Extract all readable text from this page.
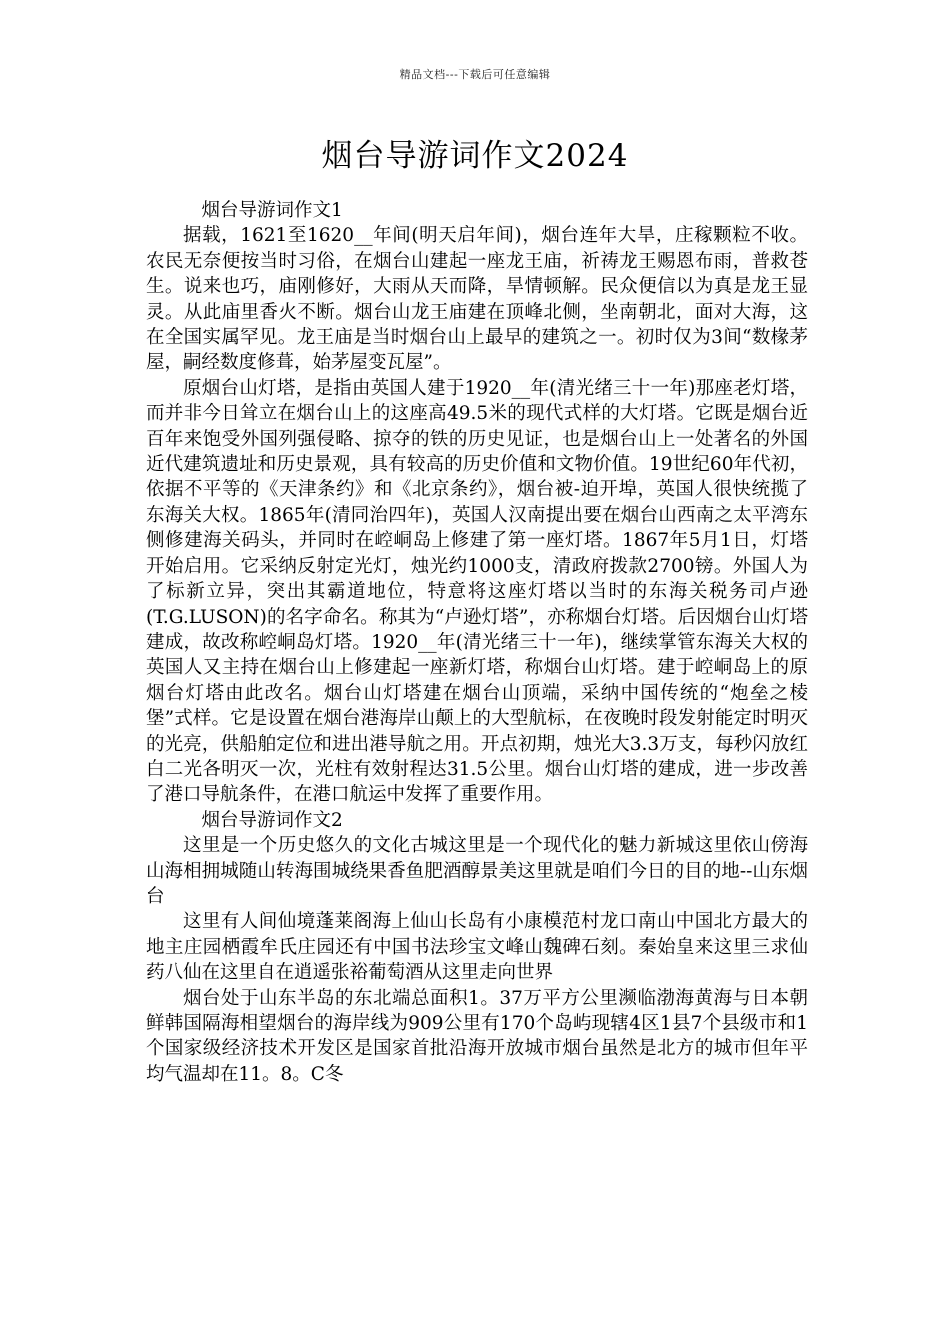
精品文档---下载后可任意编辑
烟台导游词作文2024

烟台导游词作文1

据载，1621至1620__年间(明天启年间)，烟台连年大旱，庄稼颗粒不收。农民无奈便按当时习俗，在烟台山建起一座龙王庙，祈祷龙王赐恩布雨，普救苍生。说来也巧，庙刚修好，大雨从天而降，旱情顿解。民众便信以为真是龙王显灵。从此庙里香火不断。烟台山龙王庙建在顶峰北侧，坐南朝北，面对大海，这在全国实属罕见。龙王庙是当时烟台山上最早的建筑之一。初时仅为3间“数椽茅屋，嗣经数度修葺，始茅屋变瓦屋”。

原烟台山灯塔，是指由英国人建于1920__年(清光绪三十一年)那座老灯塔，而并非今日耸立在烟台山上的这座高49.5米的现代式样的大灯塔。它既是烟台近百年来饱受外国列强侵略、掠夺的铁的历史见证，也是烟台山上一处著名的外国近代建筑遗址和历史景观，具有较高的历史价值和文物价值。19世纪60年代初，依据不平等的《天津条约》和《北京条约》，烟台被-迫开埠，英国人很快统揽了东海关大权。1865年(清同治四年)，英国人汉南提出要在烟台山西南之太平湾东侧修建海关码头，并同时在崆峒岛上修建了第一座灯塔。1867年5月1日，灯塔开始启用。它采纳反射定光灯，烛光约1000支，清政府拨款2700镑。外国人为了标新立异，突出其霸道地位，特意将这座灯塔以当时的东海关税务司卢逊(T.G.LUSON)的名字命名。称其为“卢逊灯塔”，亦称烟台灯塔。后因烟台山灯塔建成，故改称崆峒岛灯塔。1920__年(清光绪三十一年)，继续掌管东海关大权的英国人又主持在烟台山上修建起一座新灯塔，称烟台山灯塔。建于崆峒岛上的原烟台灯塔由此改名。烟台山灯塔建在烟台山顶端，采纳中国传统的“炮垒之棱堡”式样。它是设置在烟台港海岸山颠上的大型航标，在夜晚时段发射能定时明灭的光亮，供船舶定位和进出港导航之用。开点初期，烛光大3.3万支，每秒闪放红白二光各明灭一次，光柱有效射程达31.5公里。烟台山灯塔的建成，进一步改善了港口导航条件，在港口航运中发挥了重要作用。

烟台导游词作文2

这里是一个历史悠久的文化古城这里是一个现代化的魅力新城这里依山傍海山海相拥城随山转海围城绕果香鱼肥酒醇景美这里就是咱们今日的目的地--山东烟台

这里有人间仙境蓬莱阁海上仙山长岛有小康模范村龙口南山中国北方最大的地主庄园栖霞牟氏庄园还有中国书法珍宝文峰山魏碑石刻。秦始皇来这里三求仙药八仙在这里自在逍遥张裕葡萄酒从这里走向世界

烟台处于山东半岛的东北端总面积1。37万平方公里濒临渤海黄海与日本朝鲜韩国隔海相望烟台的海岸线为909公里有170个岛屿现辖4区1县7个县级市和1个国家级经济技术开发区是国家首批沿海开放城市烟台虽然是北方的城市但年平均气温却在11。8。C冬
